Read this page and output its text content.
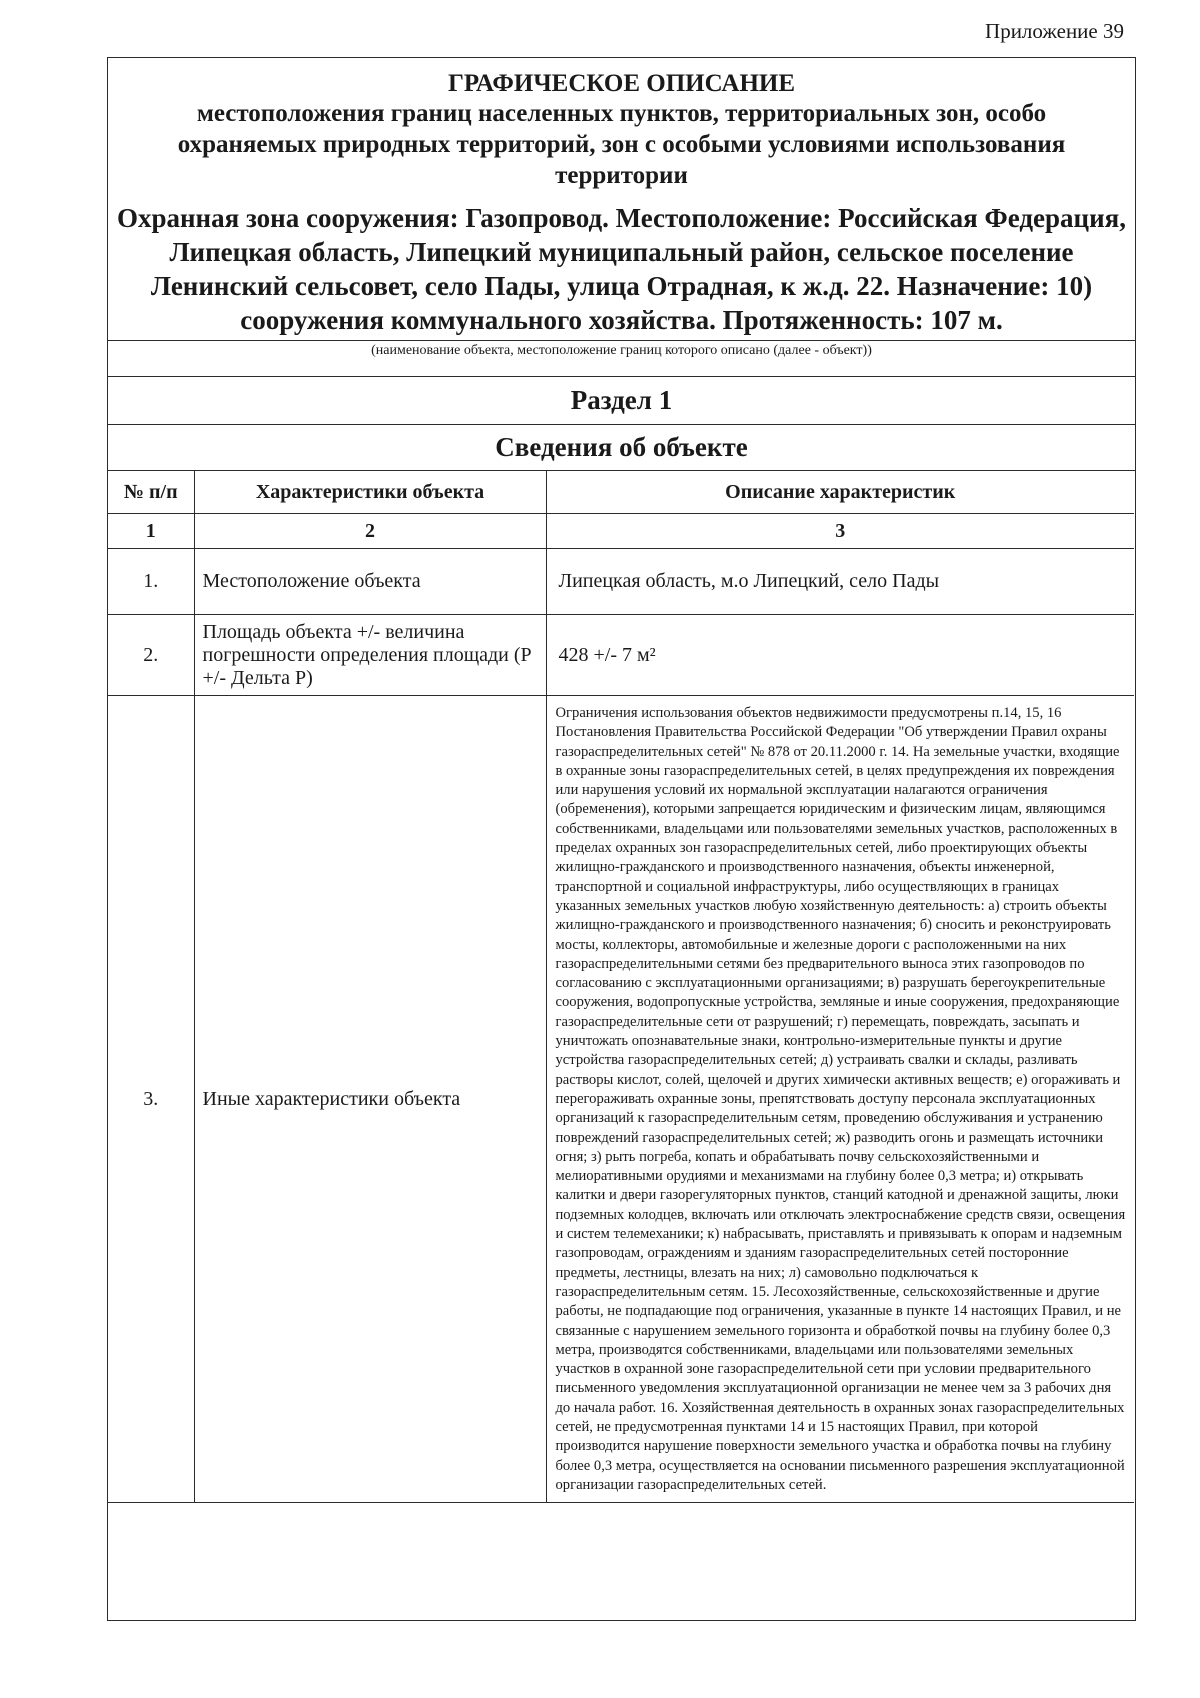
Приложение 39
ГРАФИЧЕСКОЕ ОПИСАНИЕ
местоположения границ населенных пунктов, территориальных зон, особо охраняемых природных территорий, зон с особыми условиями использования территории
Охранная зона сооружения: Газопровод. Местоположение: Российская Федерация, Липецкая область, Липецкий муниципальный район, сельское поселение Ленинский сельсовет, село Пады, улица Отрадная, к ж.д. 22. Назначение: 10) сооружения коммунального хозяйства. Протяженность: 107 м.
(наименование объекта, местоположение границ которого описано (далее - объект))
Раздел 1
Сведения об объекте
№ п/п	Характеристики объекта	Описание характеристик
1	2	3
1.	Местоположение объекта	Липецкая область, м.о Липецкий, село Пады
2.	Площадь объекта +/- величина погрешности определения площади (Р +/- Дельта Р)	428 +/- 7 м²
3.	Иные характеристики объекта	Ограничения использования объектов недвижимости предусмотрены п.14, 15, 16 Постановления Правительства Российской Федерации "Об утверждении Правил охраны газораспределительных сетей" № 878 от 20.11.2000 г. 14. На земельные участки, входящие в охранные зоны газораспределительных сетей, в целях предупреждения их повреждения или нарушения условий их нормальной эксплуатации налагаются ограничения (обременения), которыми запрещается юридическим и физическим лицам, являющимся собственниками, владельцами или пользователями земельных участков, расположенных в пределах охранных зон газораспределительных сетей, либо проектирующих объекты жилищно-гражданского и производственного назначения, объекты инженерной, транспортной и социальной инфраструктуры, либо осуществляющих в границах указанных земельных участков любую хозяйственную деятельность: а) строить объекты жилищно-гражданского и производственного назначения; б) сносить и реконструировать мосты, коллекторы, автомобильные и железные дороги с расположенными на них газораспределительными сетями без предварительного выноса этих газопроводов по согласованию с эксплуатационными организациями; в) разрушать берегоукрепительные сооружения, водопропускные устройства, земляные и иные сооружения, предохраняющие газораспределительные сети от разрушений; г) перемещать, повреждать, засыпать и уничтожать опознавательные знаки, контрольно-измерительные пункты и другие устройства газораспределительных сетей; д) устраивать свалки и склады, разливать растворы кислот, солей, щелочей и других химически активных веществ; е) огораживать и перегораживать охранные зоны, препятствовать доступу персонала эксплуатационных организаций к газораспределительным сетям, проведению обслуживания и устранению повреждений газораспределительных сетей; ж) разводить огонь и размещать источники огня; з) рыть погреба, копать и обрабатывать почву сельскохозяйственными и мелиоративными орудиями и механизмами на глубину более 0,3 метра; и) открывать калитки и двери газорегуляторных пунктов, станций катодной и дренажной защиты, люки подземных колодцев, включать или отключать электроснабжение средств связи, освещения и систем телемеханики; к) набрасывать, приставлять и привязывать к опорам и надземным газопроводам, ограждениям и зданиям газораспределительных сетей посторонние предметы, лестницы, влезать на них; л) самовольно подключаться к газораспределительным сетям. 15. Лесохозяйственные, сельскохозяйственные и другие работы, не подпадающие под ограничения, указанные в пункте 14 настоящих Правил, и не связанные с нарушением земельного горизонта и обработкой почвы на глубину более 0,3 метра, производятся собственниками, владельцами или пользователями земельных участков в охранной зоне газораспределительной сети при условии предварительного письменного уведомления эксплуатационной организации не менее чем за 3 рабочих дня до начала работ. 16. Хозяйственная деятельность в охранных зонах газораспределительных сетей, не предусмотренная пунктами 14 и 15 настоящих Правил, при которой производится нарушение поверхности земельного участка и обработка почвы на глубину более 0,3 метра, осуществляется на основании письменного разрешения эксплуатационной организации газораспределительных сетей.
